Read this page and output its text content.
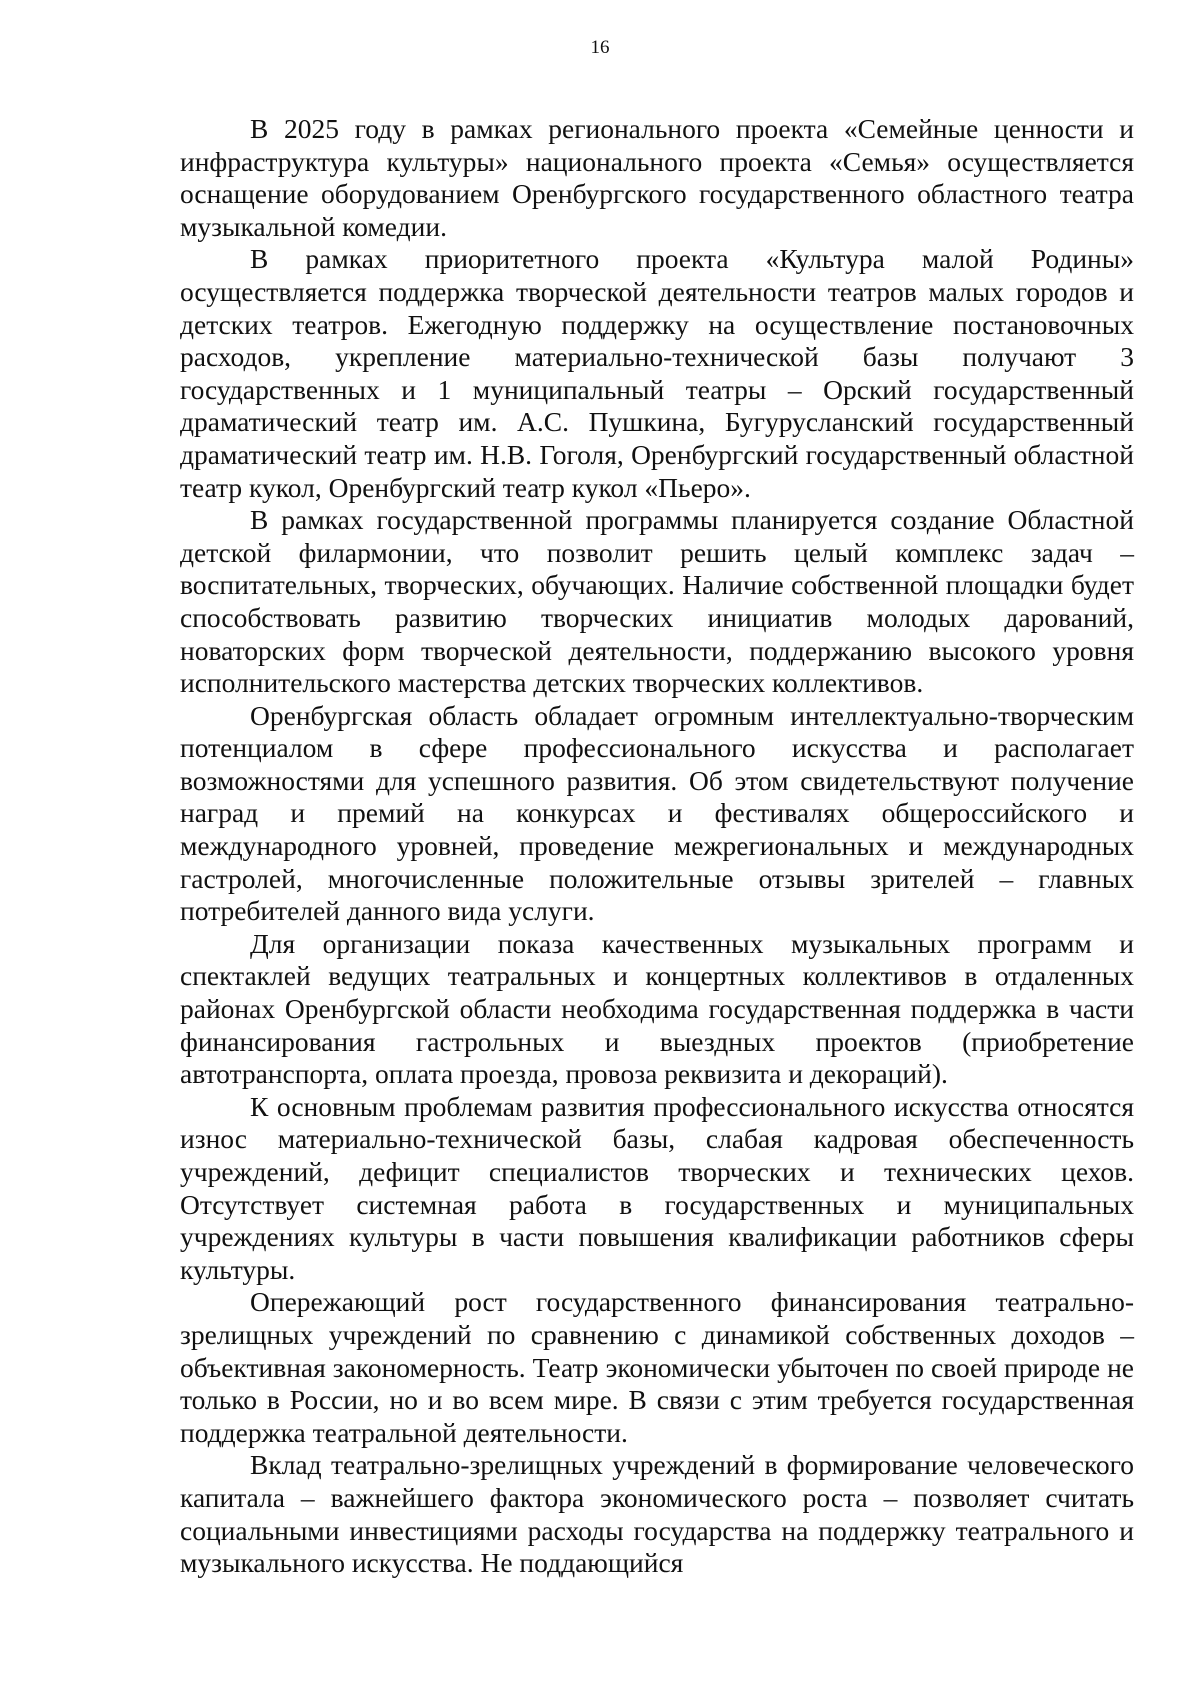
16

В 2025 году в рамках регионального проекта «Семейные ценности и инфраструктура культуры» национального проекта «Семья» осуществляется оснащение оборудованием Оренбургского государственного областного театра музыкальной комедии.

В рамках приоритетного проекта «Культура малой Родины» осуществляется поддержка творческой деятельности театров малых городов и детских театров. Ежегодную поддержку на осуществление постановочных расходов, укрепление материально-технической базы получают 3 государственных и 1 муниципальный театры – Орский государственный драматический театр им. А.С. Пушкина, Бугурусланский государственный драматический театр им. Н.В. Гоголя, Оренбургский государственный областной театр кукол, Оренбургский театр кукол «Пьеро».

В рамках государственной программы планируется создание Областной детской филармонии, что позволит решить целый комплекс задач – воспитательных, творческих, обучающих. Наличие собственной площадки будет способствовать развитию творческих инициатив молодых дарований, новаторских форм творческой деятельности, поддержанию высокого уровня исполнительского мастерства детских творческих коллективов.

Оренбургская область обладает огромным интеллектуально-творческим потенциалом в сфере профессионального искусства и располагает возможностями для успешного развития. Об этом свидетельствуют получение наград и премий на конкурсах и фестивалях общероссийского и международного уровней, проведение межрегиональных и международных гастролей, многочисленные положительные отзывы зрителей – главных потребителей данного вида услуги.

Для организации показа качественных музыкальных программ и спектаклей ведущих театральных и концертных коллективов в отдаленных районах Оренбургской области необходима государственная поддержка в части финансирования гастрольных и выездных проектов (приобретение автотранспорта, оплата проезда, провоза реквизита и декораций).

К основным проблемам развития профессионального искусства относятся износ материально-технической базы, слабая кадровая обеспеченность учреждений, дефицит специалистов творческих и технических цехов. Отсутствует системная работа в государственных и муниципальных учреждениях культуры в части повышения квалификации работников сферы культуры.

Опережающий рост государственного финансирования театрально-зрелищных учреждений по сравнению с динамикой собственных доходов – объективная закономерность. Театр экономически убыточен по своей природе не только в России, но и во всем мире. В связи с этим требуется государственная поддержка театральной деятельности.

Вклад театрально-зрелищных учреждений в формирование человеческого капитала – важнейшего фактора экономического роста – позволяет считать социальными инвестициями расходы государства на поддержку театрального и музыкального искусства. Не поддающийся
